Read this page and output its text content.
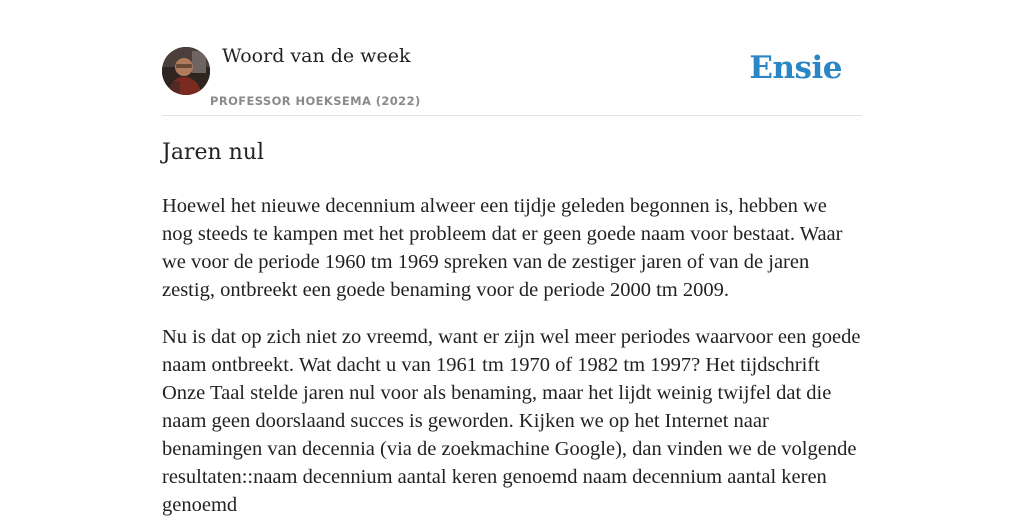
Woord van de week
PROFESSOR HOEKSEMA (2022)
Ensie
Jaren nul

Hoewel het nieuwe decennium alweer een tijdje geleden begonnen is, hebben we nog steeds te kampen met het probleem dat er geen goede naam voor bestaat. Waar we voor de periode 1960 tm 1969 spreken van de zestiger jaren of van de jaren zestig, ontbreekt een goede benaming voor de periode 2000 tm 2009.

Nu is dat op zich niet zo vreemd, want er zijn wel meer periodes waarvoor een goede naam ontbreekt. Wat dacht u van 1961 tm 1970 of 1982 tm 1997? Het tijdschrift Onze Taal stelde jaren nul voor als benaming, maar het lijdt weinig twijfel dat die naam geen doorslaand succes is geworden. Kijken we op het Internet naar benamingen van decennia (via de zoekmachine Google), dan vinden we de volgende resultaten::naam decennium aantal keren genoemd naam decennium aantal keren genoemd
